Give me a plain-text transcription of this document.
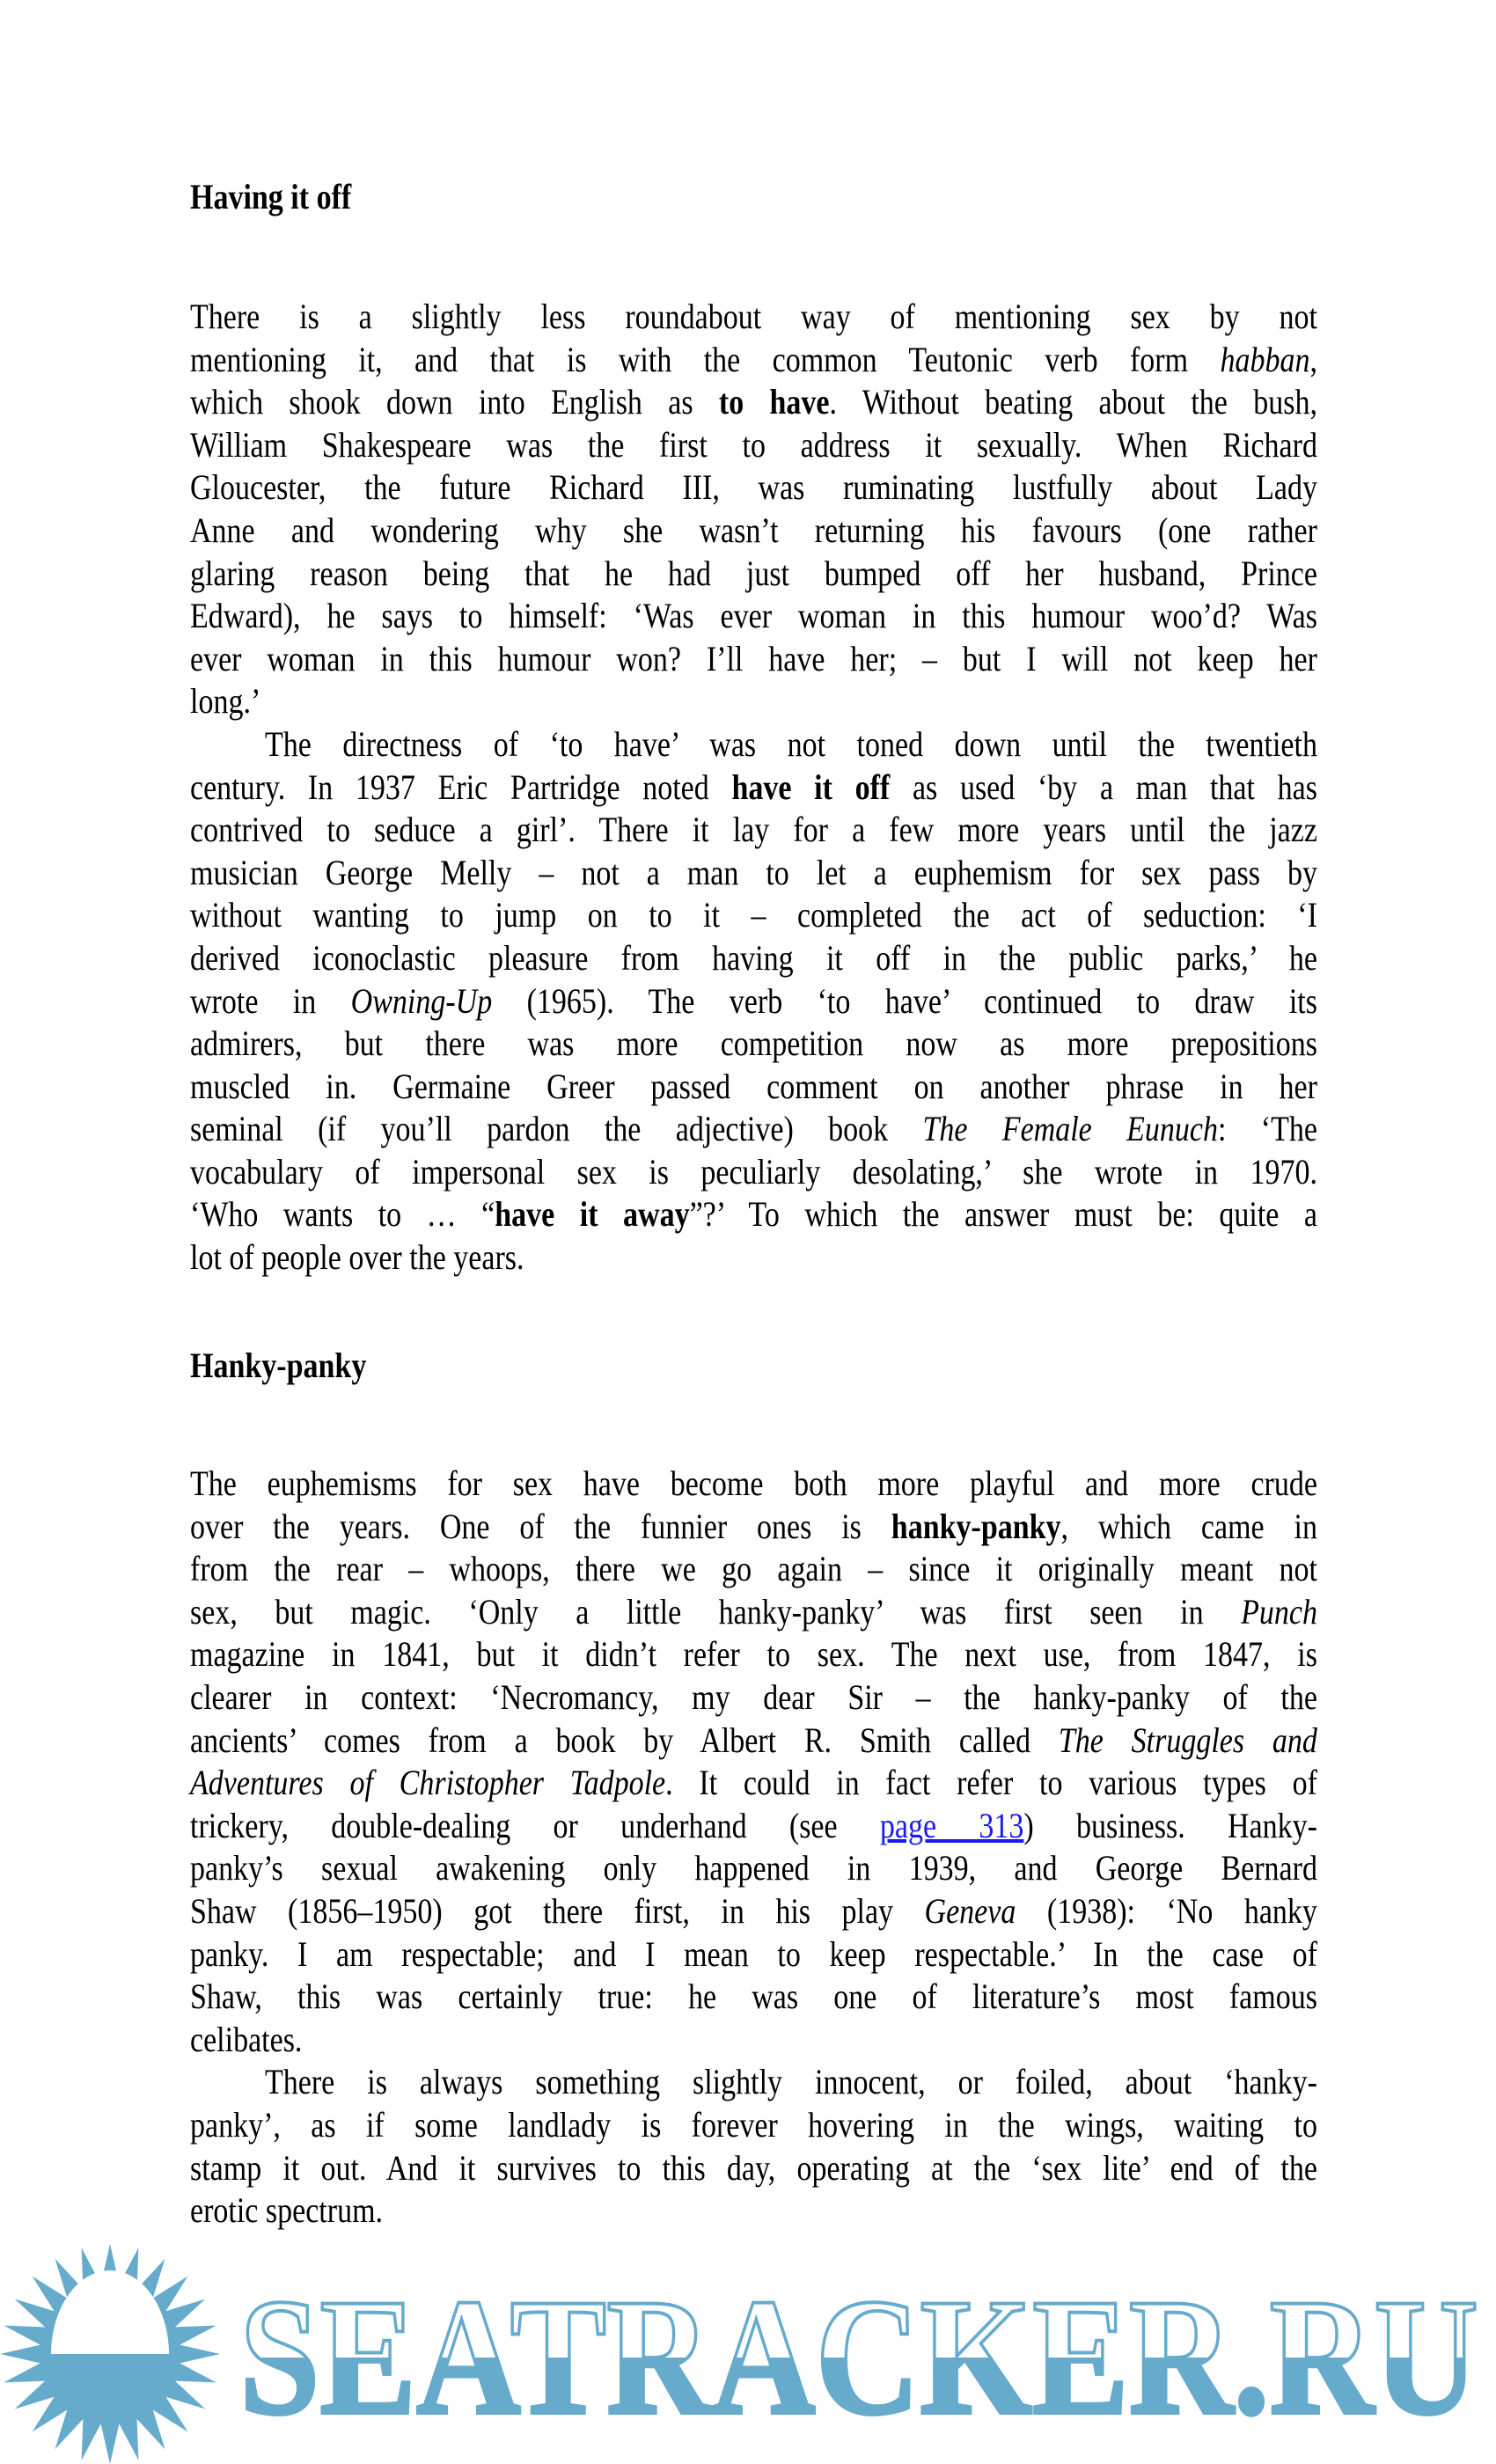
Having it off
There is a slightly less roundabout way of mentioning sex by not
mentioning it, and that is with the common Teutonic verb form habban,
which shook down into English as to have. Without beating about the bush,
William Shakespeare was the first to address it sexually. When Richard
Gloucester, the future Richard III, was ruminating lustfully about Lady
Anne and wondering why she wasn’t returning his favours (one rather
glaring reason being that he had just bumped off her husband, Prince
Edward), he says to himself: ‘Was ever woman in this humour woo’d? Was
ever woman in this humour won? I’ll have her; – but I will not keep her
long.’
The directness of ‘to have’ was not toned down until the twentieth
century. In 1937 Eric Partridge noted have it off as used ‘by a man that has
contrived to seduce a girl’. There it lay for a few more years until the jazz
musician George Melly – not a man to let a euphemism for sex pass by
without wanting to jump on to it – completed the act of seduction: ‘I
derived iconoclastic pleasure from having it off in the public parks,’ he
wrote in Owning-Up (1965). The verb ‘to have’ continued to draw its
admirers, but there was more competition now as more prepositions
muscled in. Germaine Greer passed comment on another phrase in her
seminal (if you’ll pardon the adjective) book The Female Eunuch: ‘The
vocabulary of impersonal sex is peculiarly desolating,’ she wrote in 1970.
‘Who wants to … “have it away”?’ To which the answer must be: quite a
lot of people over the years.
Hanky-panky
The euphemisms for sex have become both more playful and more crude
over the years. One of the funnier ones is hanky-panky, which came in
from the rear – whoops, there we go again – since it originally meant not
sex, but magic. ‘Only a little hanky-panky’ was first seen in Punch
magazine in 1841, but it didn’t refer to sex. The next use, from 1847, is
clearer in context: ‘Necromancy, my dear Sir – the hanky-panky of the
ancients’ comes from a book by Albert R. Smith called The Struggles and
Adventures of Christopher Tadpole. It could in fact refer to various types of
trickery, double-dealing or underhand (see page 313) business. Hanky-
panky’s sexual awakening only happened in 1939, and George Bernard
Shaw (1856–1950) got there first, in his play Geneva (1938): ‘No hanky
panky. I am respectable; and I mean to keep respectable.’ In the case of
Shaw, this was certainly true: he was one of literature’s most famous
celibates.
There is always something slightly innocent, or foiled, about ‘hanky-
panky’, as if some landlady is forever hovering in the wings, waiting to
stamp it out. And it survives to this day, operating at the ‘sex lite’ end of the
erotic spectrum.
SEATRACKER.RU
